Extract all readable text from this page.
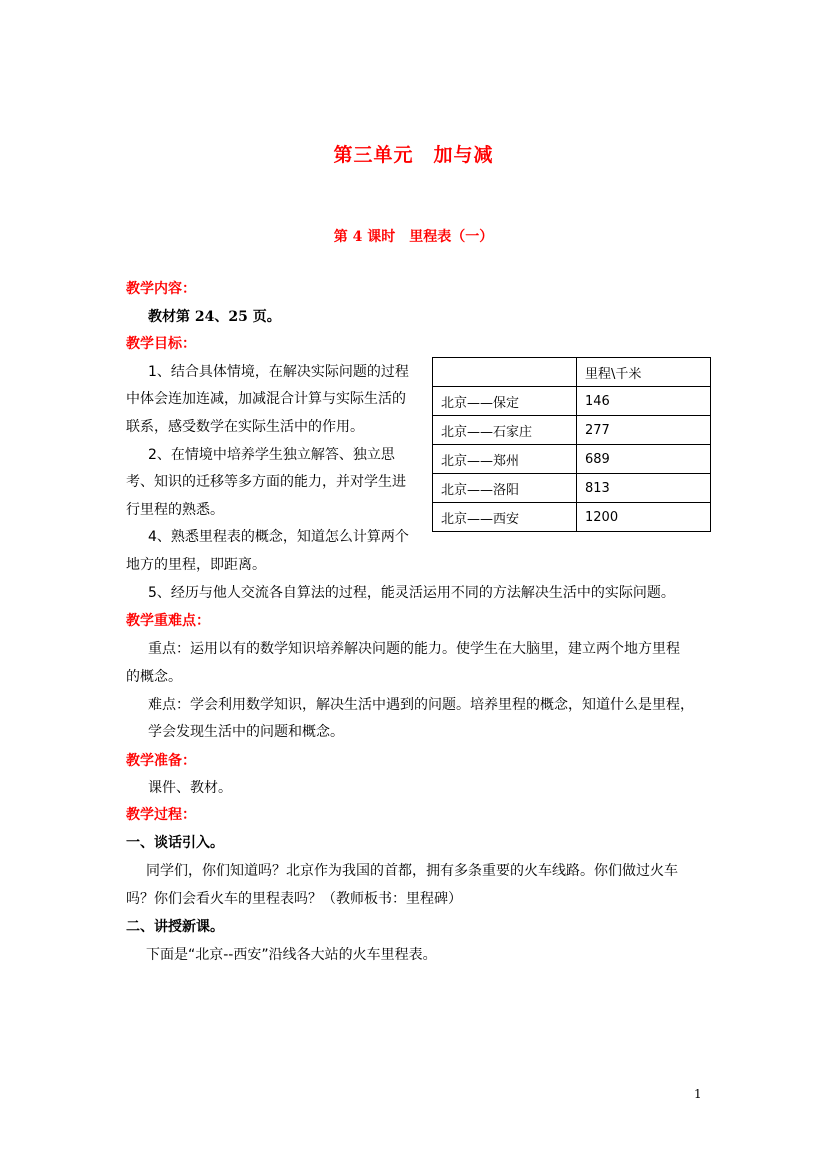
第三单元　加与减
第 4 课时　里程表（一）
教学内容：
教材第 24、25 页。
教学目标：
1、结合具体情境，在解决实际问题的过程
中体会连加连减，加减混合计算与实际生活的
联系，感受数学在实际生活中的作用。
2、在情境中培养学生独立解答、独立思
考、知识的迁移等多方面的能力，并对学生进
行里程的熟悉。
4、熟悉里程表的概念，知道怎么计算两个
地方的里程，即距离。
5、经历与他人交流各自算法的过程，能灵活运用不同的方法解决生活中的实际问题。
教学重难点：
重点：运用以有的数学知识培养解决问题的能力。使学生在大脑里，建立两个地方里程
的概念。
难点：学会利用数学知识，解决生活中遇到的问题。培养里程的概念，知道什么是里程，
学会发现生活中的问题和概念。
教学准备：
课件、教材。
教学过程：
一、谈话引入。
同学们，你们知道吗？北京作为我国的首都，拥有多条重要的火车线路。你们做过火车
吗？你们会看火车的里程表吗？（教师板书：里程碑）
二、讲授新课。
下面是“北京--西安”沿线各大站的火车里程表。
	里程\千米
北京——保定	146
北京——石家庄	277
北京——郑州	689
北京——洛阳	813
北京——西安	1200
1
